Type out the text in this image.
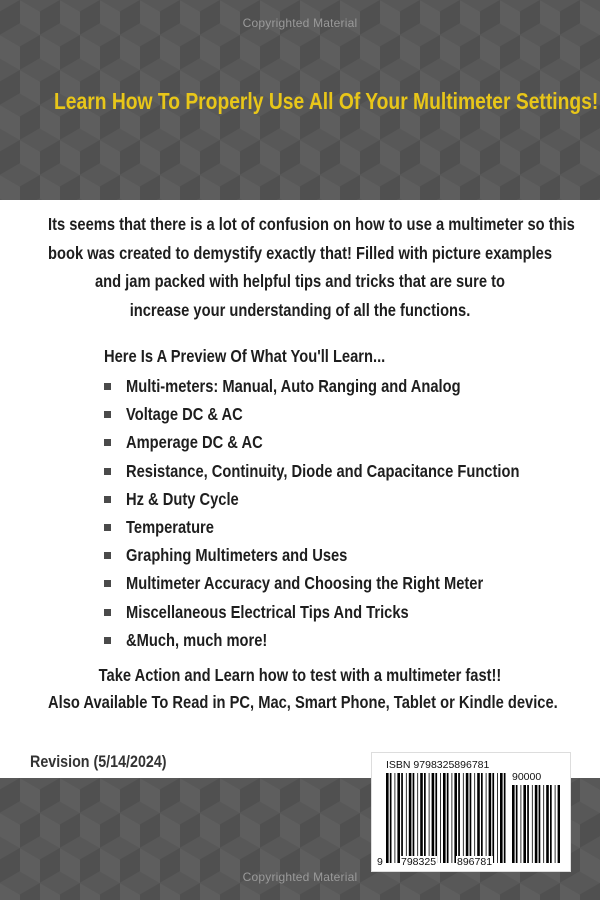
Copyrighted Material
Learn How To Properly Use All Of Your Multimeter Settings!
Its seems that there is a lot of confusion on how to use a multimeter so this
book was created to demystify exactly that! Filled with picture examples
and jam packed with helpful tips and tricks that are sure to
increase your understanding of all the functions.
Here Is A Preview Of What You'll Learn...
Multi-meters: Manual, Auto Ranging and Analog
Voltage DC & AC
Amperage DC & AC
Resistance, Continuity, Diode and Capacitance Function
Hz & Duty Cycle
Temperature
Graphing Multimeters and Uses
Multimeter Accuracy and Choosing the Right Meter
Miscellaneous Electrical Tips And Tricks
&Much, much more!
Take Action and Learn how to test with a multimeter fast!!
Also Available To Read in PC, Mac, Smart Phone, Tablet or Kindle device.
Revision (5/14/2024)	ISBN 9798325896781
90000
9 798325 896781
Copyrighted Material
